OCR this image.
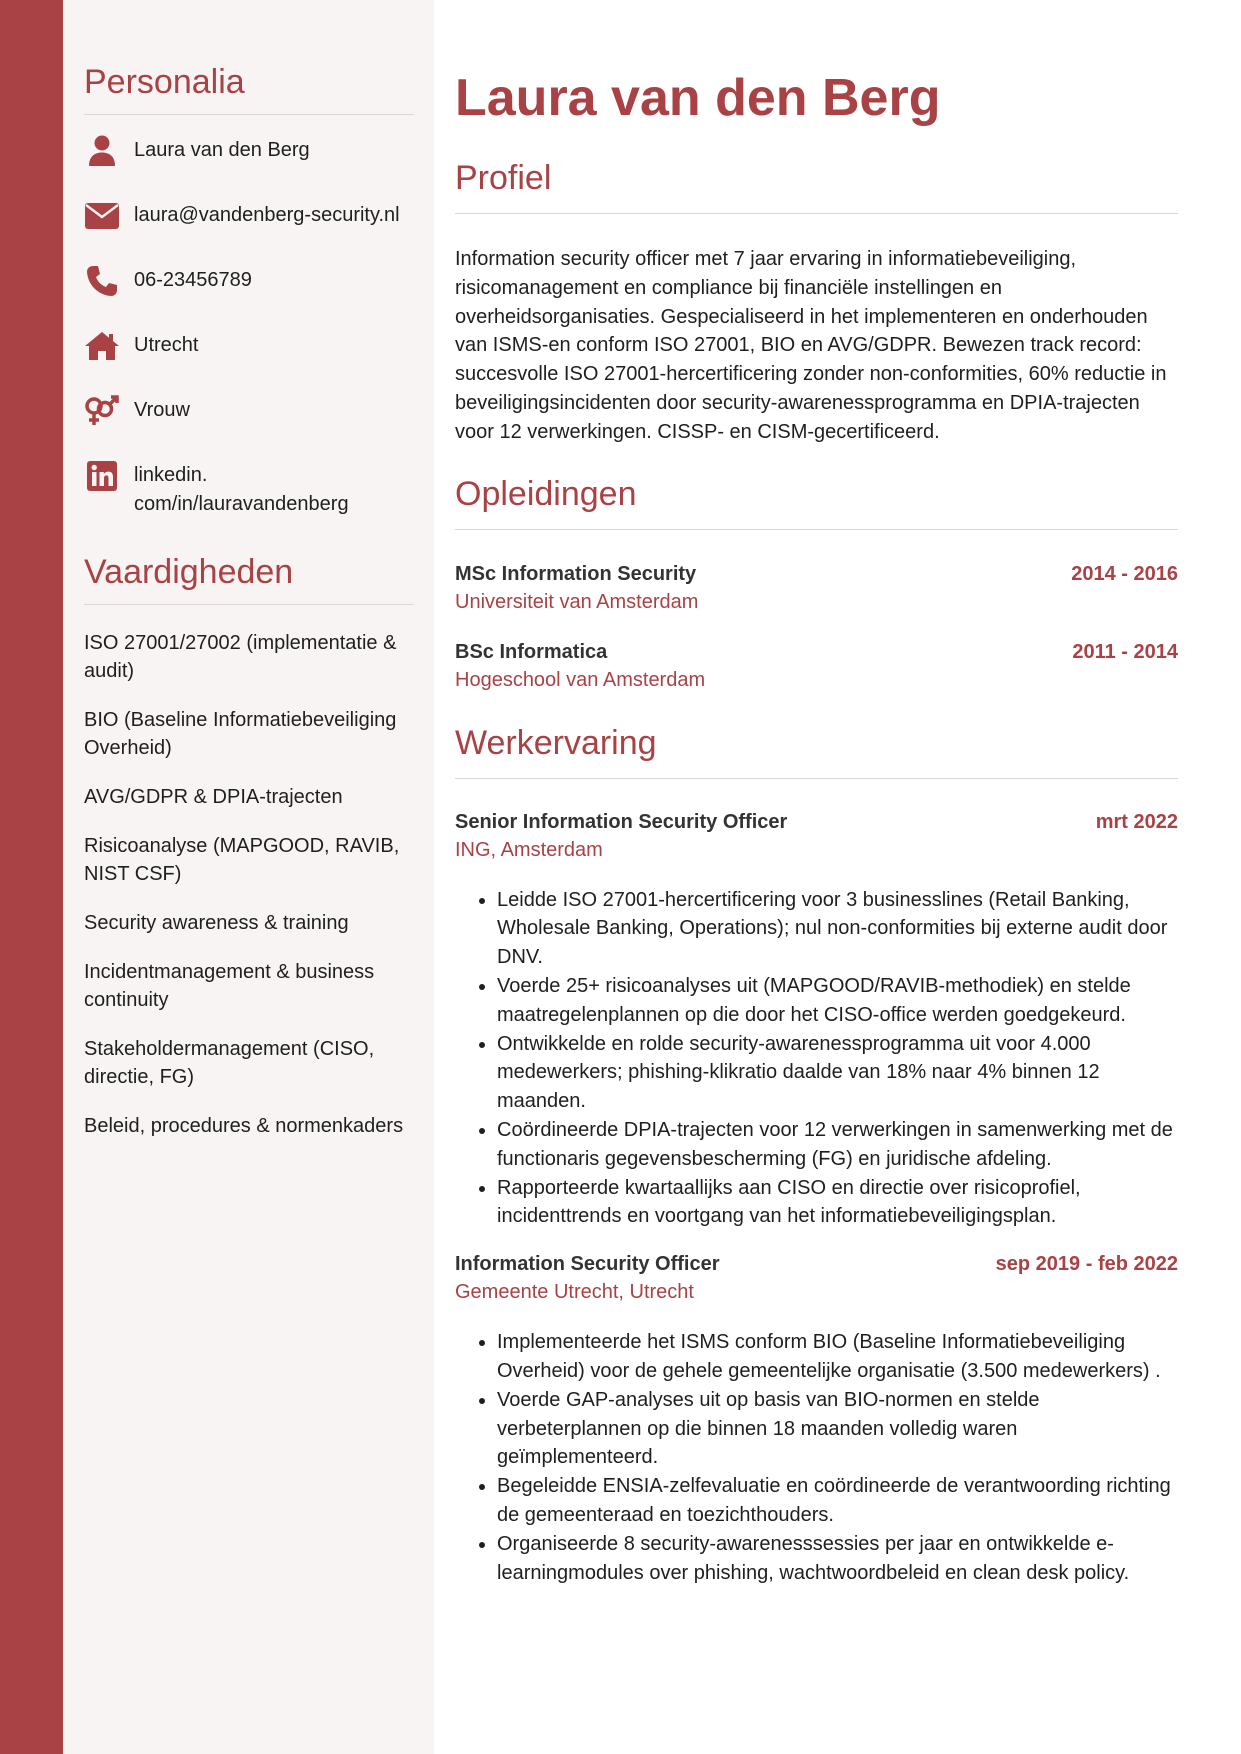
Personalia
Laura van den Berg
laura@vandenberg-security.nl
06-23456789
Utrecht
Vrouw
linkedin.
com/in/lauravandenberg
Vaardigheden
ISO 27001/27002 (implementatie & audit)
BIO (Baseline Informatiebeveiliging Overheid)
AVG/GDPR & DPIA-trajecten
Risicoanalyse (MAPGOOD, RAVIB, NIST CSF)
Security awareness & training
Incidentmanagement & business continuity
Stakeholdermanagement (CISO, directie, FG)
Beleid, procedures & normenkaders
Laura van den Berg
Profiel

Information security officer met 7 jaar ervaring in informatiebeveiliging, risicomanagement en compliance bij financiële instellingen en overheidsorganisaties. Gespecialiseerd in het implementeren en onderhouden van ISMS-en conform ISO 27001, BIO en AVG/GDPR. Bewezen track record: succesvolle ISO 27001-hercertificering zonder non-conformities, 60% reductie in beveiligingsincidenten door security-awarenessprogramma en DPIA-trajecten voor 12 verwerkingen. CISSP- en CISM-gecertificeerd.

Opleidingen
MSc Information Security	2014 - 2016
Universiteit van Amsterdam
BSc Informatica	2011 - 2014
Hogeschool van Amsterdam
Werkervaring
Senior Information Security Officer	mrt 2022
ING, Amsterdam
• Leidde ISO 27001-hercertificering voor 3 businesslines (Retail Banking, Wholesale Banking, Operations); nul non-conformities bij externe audit door DNV.
• Voerde 25+ risicoanalyses uit (MAPGOOD/RAVIB-methodiek) en stelde maatregelenplannen op die door het CISO-office werden goedgekeurd.
• Ontwikkelde en rolde security-awarenessprogramma uit voor 4.000 medewerkers; phishing-klikratio daalde van 18% naar 4% binnen 12 maanden.
• Coördineerde DPIA-trajecten voor 12 verwerkingen in samenwerking met de functionaris gegevensbescherming (FG) en juridische afdeling.
• Rapporteerde kwartaallijks aan CISO en directie over risicoprofiel, incidenttrends en voortgang van het informatiebeveiligingsplan.
Information Security Officer	sep 2019 - feb 2022
Gemeente Utrecht, Utrecht
• Implementeerde het ISMS conform BIO (Baseline Informatiebeveiliging Overheid) voor de gehele gemeentelijke organisatie (3.500 medewerkers) .
• Voerde GAP-analyses uit op basis van BIO-normen en stelde verbeterplannen op die binnen 18 maanden volledig waren geïmplementeerd.
• Begeleidde ENSIA-zelfevaluatie en coördineerde de verantwoording richting de gemeenteraad en toezichthouders.
• Organiseerde 8 security-awarenesssessies per jaar en ontwikkelde e-learningmodules over phishing, wachtwoordbeleid en clean desk policy.
